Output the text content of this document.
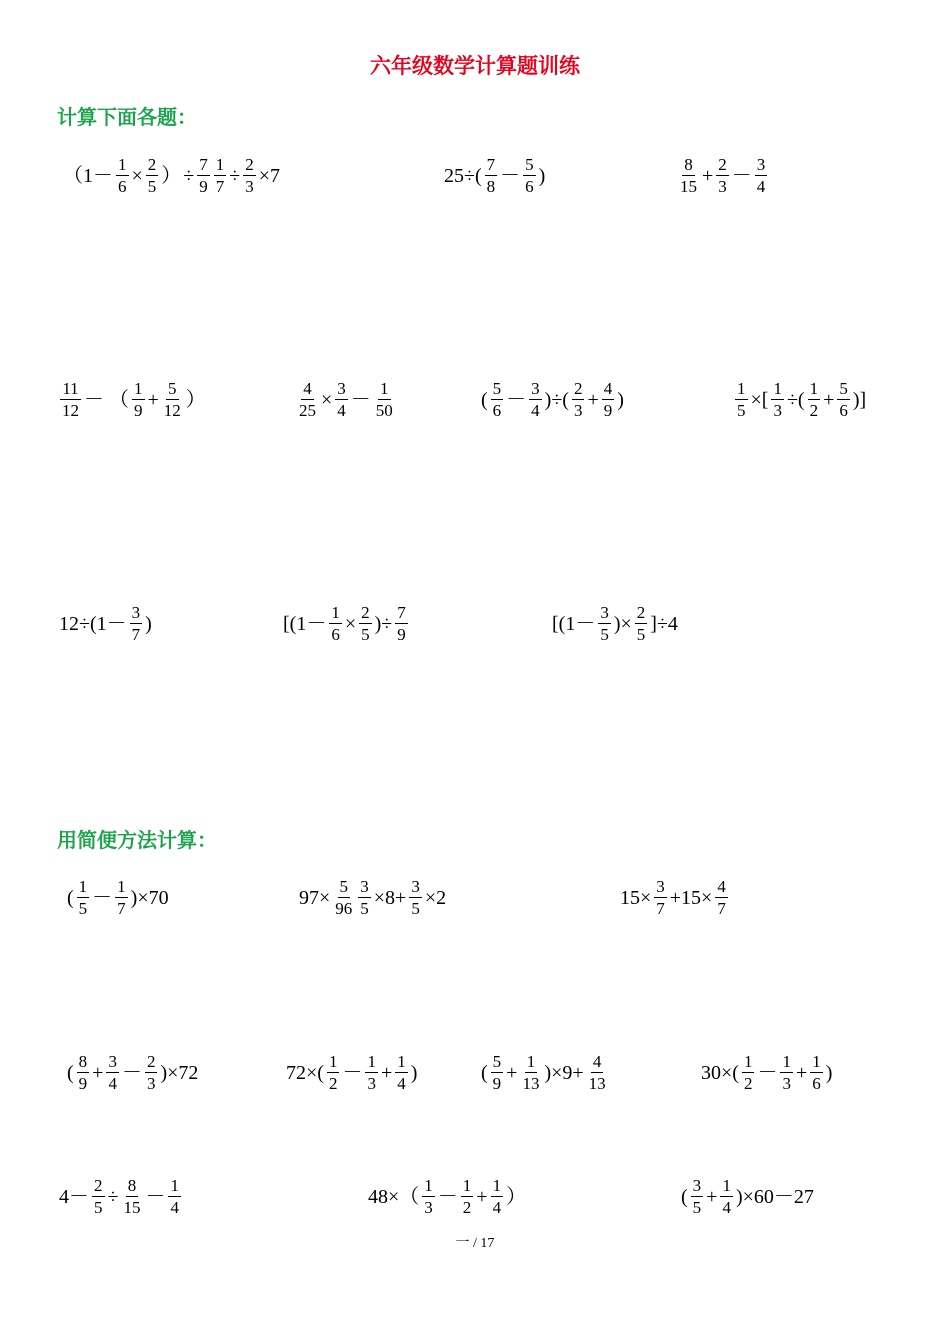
六年级数学计算题训练
计算下面各题：
（$1- \frac{1}{6} \times \frac{2}{5}$ ） ÷ $\frac{7}{9} \frac{1}{7} \div \frac{2}{3} \times 7$	$25\div( \frac{7}{8} - \frac{5}{6}$ )	$\frac{8}{15} + \frac{2}{3} - \frac{3}{4}$
$\frac{11}{12}$ － （ $\frac{1}{9} + \frac{5}{12}$ ）	$\frac{4}{25} \times \frac{3}{4} - \frac{1}{50}$	( $\frac{5}{6} - \frac{3}{4}$ )÷( $\frac{2}{3} + \frac{4}{9}$ )	$\frac{1}{5}$ ×[ $\frac{1}{3}$ ÷( $\frac{1}{2} + \frac{5}{6}$ )]
$12\div(1- \frac{3}{7}$ )	[($1- \frac{1}{6} \times \frac{2}{5}$ )÷ $\frac{7}{9}$	[($1- \frac{3}{5}$ )× $\frac{2}{5} ]\div 4$
用简便方法计算：
( $\frac{1}{5} - \frac{1}{7} )\times 70$	$97\times \frac{5}{96} \frac{3}{5} \times 8+ \frac{3}{5} \times 2$	$15\times \frac{3}{7} +15\times \frac{4}{7}$
( $\frac{8}{9} + \frac{3}{4} - \frac{2}{3} )\times 72$	$72\times( \frac{1}{2} - \frac{1}{3} + \frac{1}{4}$ )	( $\frac{5}{9} + \frac{1}{13} )\times 9+ \frac{4}{13}$	$30\times( \frac{1}{2} - \frac{1}{3} + \frac{1}{6}$ )
$4- \frac{2}{5} \div \frac{8}{15} - \frac{1}{4}$	$48\times( \frac{1}{3} - \frac{1}{2} + \frac{1}{4}$ ）	( $\frac{3}{5} + \frac{1}{4} )\times 60-27$
一 / 17
